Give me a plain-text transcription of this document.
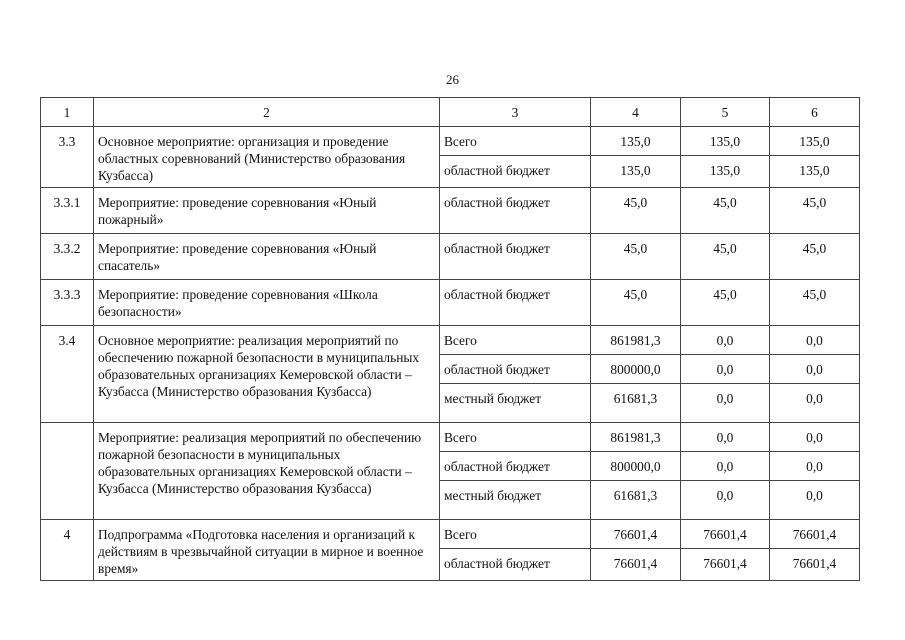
26
1	2	3	4	5	6
3.3	Основное мероприятие: организация и проведение областных соревнований (Министерство образования Кузбасса)	Всего	135,0	135,0	135,0
		областной бюджет	135,0	135,0	135,0
3.3.1	Мероприятие: проведение соревнования «Юный пожарный»	областной бюджет	45,0	45,0	45,0
3.3.2	Мероприятие: проведение соревнования «Юный спасатель»	областной бюджет	45,0	45,0	45,0
3.3.3	Мероприятие: проведение соревнования «Школа безопасности»	областной бюджет	45,0	45,0	45,0
3.4	Основное мероприятие: реализация мероприятий по обеспечению пожарной безопасности в муниципальных образовательных организациях Кемеровской области – Кузбасса (Министерство образования Кузбасса)	Всего	861981,3	0,0	0,0
		областной бюджет	800000,0	0,0	0,0
		местный бюджет	61681,3	0,0	0,0
	Мероприятие: реализация мероприятий по обеспечению пожарной безопасности в муниципальных образовательных организациях Кемеровской области – Кузбасса (Министерство образования Кузбасса)	Всего	861981,3	0,0	0,0
		областной бюджет	800000,0	0,0	0,0
		местный бюджет	61681,3	0,0	0,0
4	Подпрограмма «Подготовка населения и организаций к действиям в чрезвычайной ситуации в мирное и военное время»	Всего	76601,4	76601,4	76601,4
		областной бюджет	76601,4	76601,4	76601,4
